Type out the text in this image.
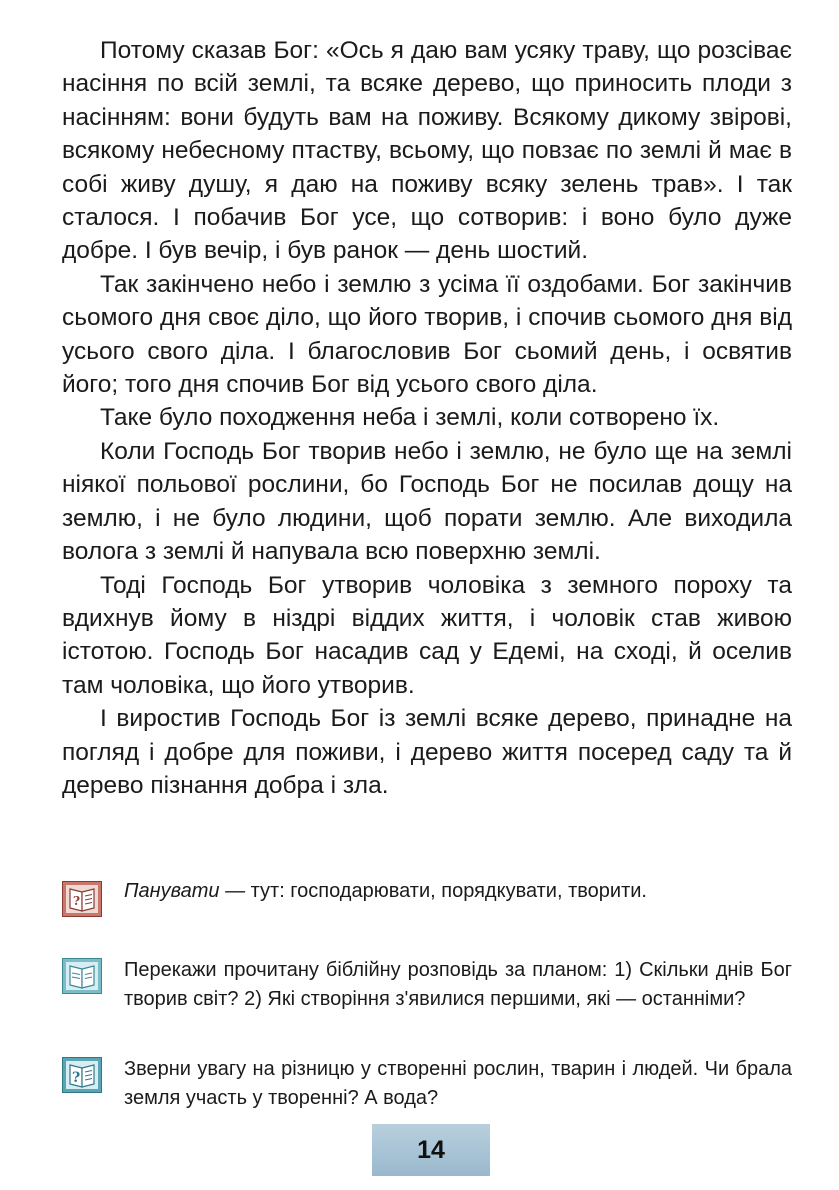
Потому сказав Бог: «Ось я даю вам усяку траву, що розсіває насіння по всій землі, та всяке дерево, що приносить плоди з насінням: вони будуть вам на поживу. Всякому дикому звірові, всякому небесному птаству, всьому, що повзає по землі й має в собі живу душу, я даю на поживу всяку зелень трав». І так сталося. І побачив Бог усе, що сотворив: і воно було дуже добре. І був вечір, і був ранок — день шостий.

Так закінчено небо і землю з усіма її оздобами. Бог закінчив сьомого дня своє діло, що його творив, і спочив сьомого дня від усього свого діла. І благословив Бог сьомий день, і освятив його; того дня спочив Бог від усього свого діла.

Таке було походження неба і землі, коли сотворено їх.

Коли Господь Бог творив небо і землю, не було ще на землі ніякої польової рослини, бо Господь Бог не посилав дощу на землю, і не було людини, щоб порати землю. Але виходила волога з землі й напувала всю поверхню землі.

Тоді Господь Бог утворив чоловіка з земного пороху та вдихнув йому в ніздрі віддих життя, і чоловік став живою істотою. Господь Бог насадив сад у Едемі, на сході, й оселив там чоловіка, що його утворив.

І виростив Господь Бог із землі всяке дерево, принадне на погляд і добре для поживи, і дерево життя посеред саду та й дерево пізнання добра і зла.

? Панувати — тут: господарювати, порядкувати, творити.
Перекажи прочитану біблійну розповідь за планом: 1) Скільки днів Бог творив світ? 2) Які створіння з'явилися першими, які — останніми?
? Зверни увагу на різницю у створенні рослин, тварин і людей. Чи брала земля участь у творенні? А вода?
14
